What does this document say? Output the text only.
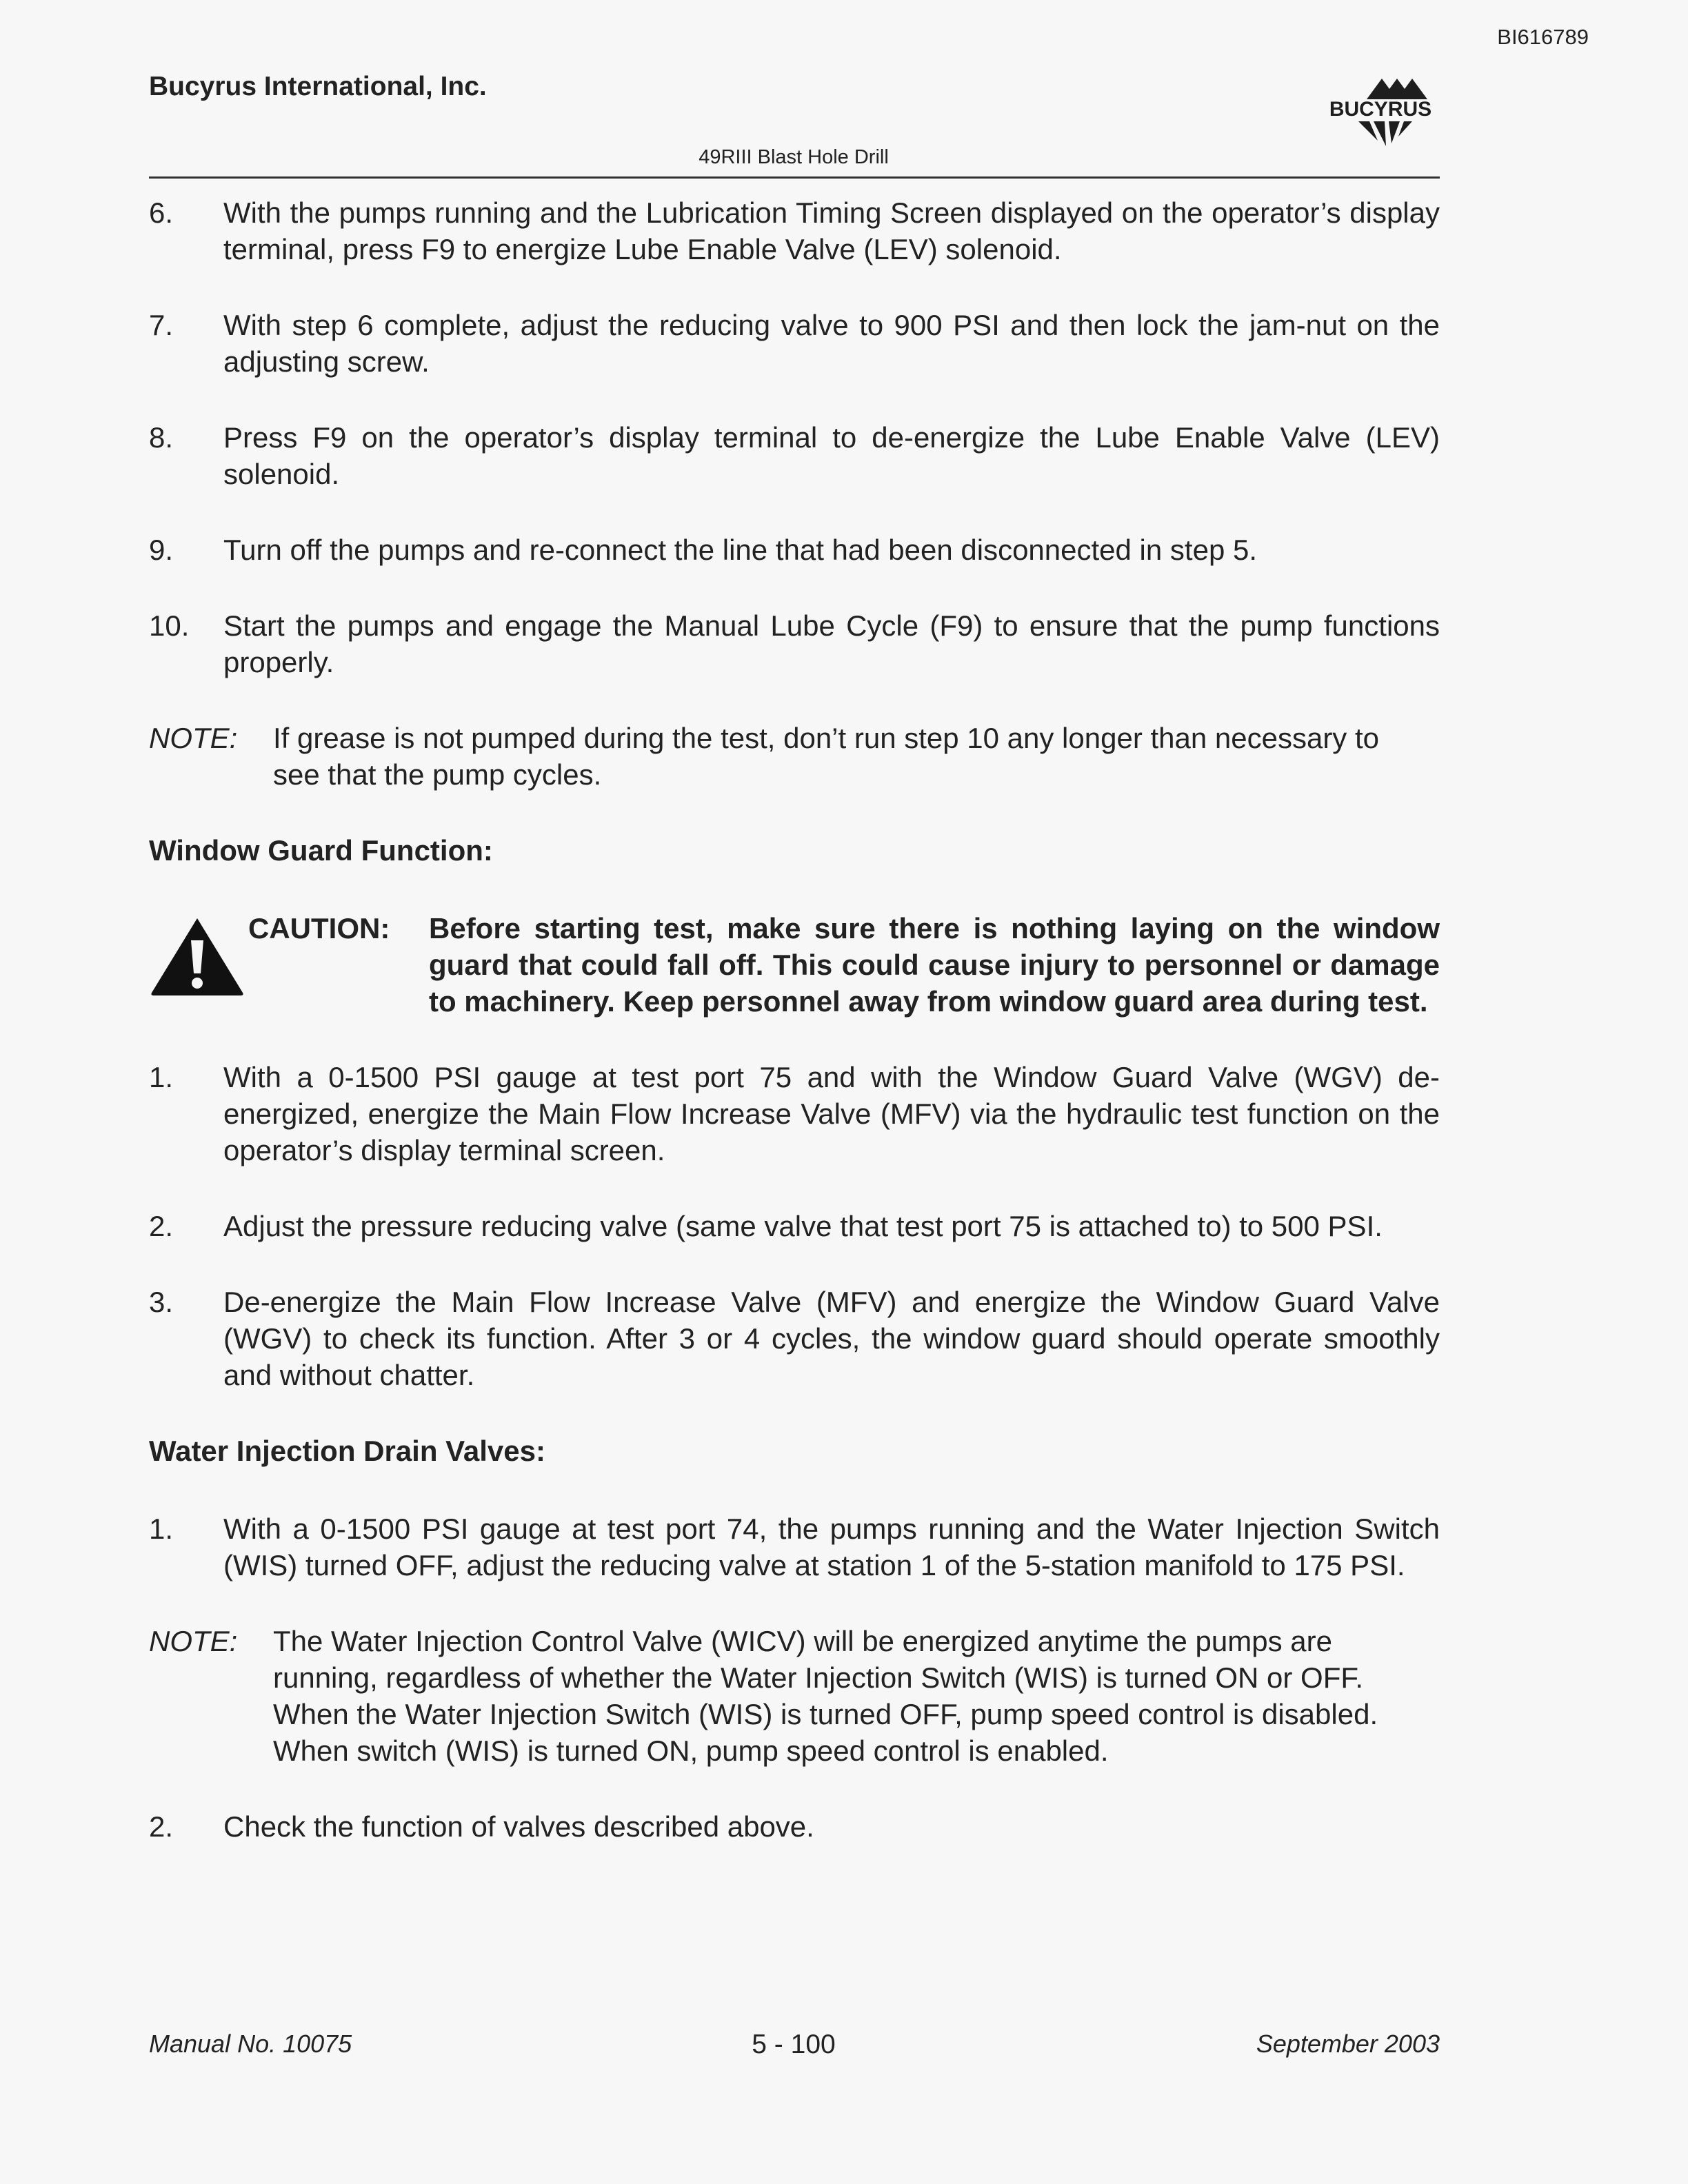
BI616789
Bucyrus International, Inc.
BUCYRUS
49RIII Blast Hole Drill
6.	With the pumps running and the Lubrication Timing Screen displayed on the operator’s display terminal, press F9 to energize Lube Enable Valve (LEV) solenoid.
7.	With step 6 complete, adjust the reducing valve to 900 PSI and then lock the jam-nut on the adjusting screw.
8.	Press F9 on the operator’s display terminal to de-energize the Lube Enable Valve (LEV) solenoid.
9.	Turn off the pumps and re-connect the line that had been disconnected in step 5.
10.	Start the pumps and engage the Manual Lube Cycle (F9) to ensure that the pump functions properly.
NOTE:	If grease is not pumped during the test, don’t run step 10 any longer than necessary to see that the pump cycles.
Window Guard Function:
CAUTION:	Before starting test, make sure there is nothing laying on the window guard that could fall off. This could cause injury to personnel or damage to machinery. Keep personnel away from window guard area during test.
1.	With a 0-1500 PSI gauge at test port 75 and with the Window Guard Valve (WGV) de-energized, energize the Main Flow Increase Valve (MFV) via the hydraulic test function on the operator’s display terminal screen.
2.	Adjust the pressure reducing valve (same valve that test port 75 is attached to) to 500 PSI.
3.	De-energize the Main Flow Increase Valve (MFV) and energize the Window Guard Valve (WGV) to check its function. After 3 or 4 cycles, the window guard should operate smoothly and without chatter.
Water Injection Drain Valves:
1.	With a 0-1500 PSI gauge at test port 74, the pumps running and the Water Injection Switch (WIS) turned OFF, adjust the reducing valve at station 1 of the 5-station manifold to 175 PSI.
NOTE:	The Water Injection Control Valve (WICV) will be energized anytime the pumps are running, regardless of whether the Water Injection Switch (WIS) is turned ON or OFF. When the Water Injection Switch (WIS) is turned OFF, pump speed control is disabled. When switch (WIS) is turned ON, pump speed control is enabled.
2.	Check the function of valves described above.
Manual No. 10075	5 - 100	September 2003
